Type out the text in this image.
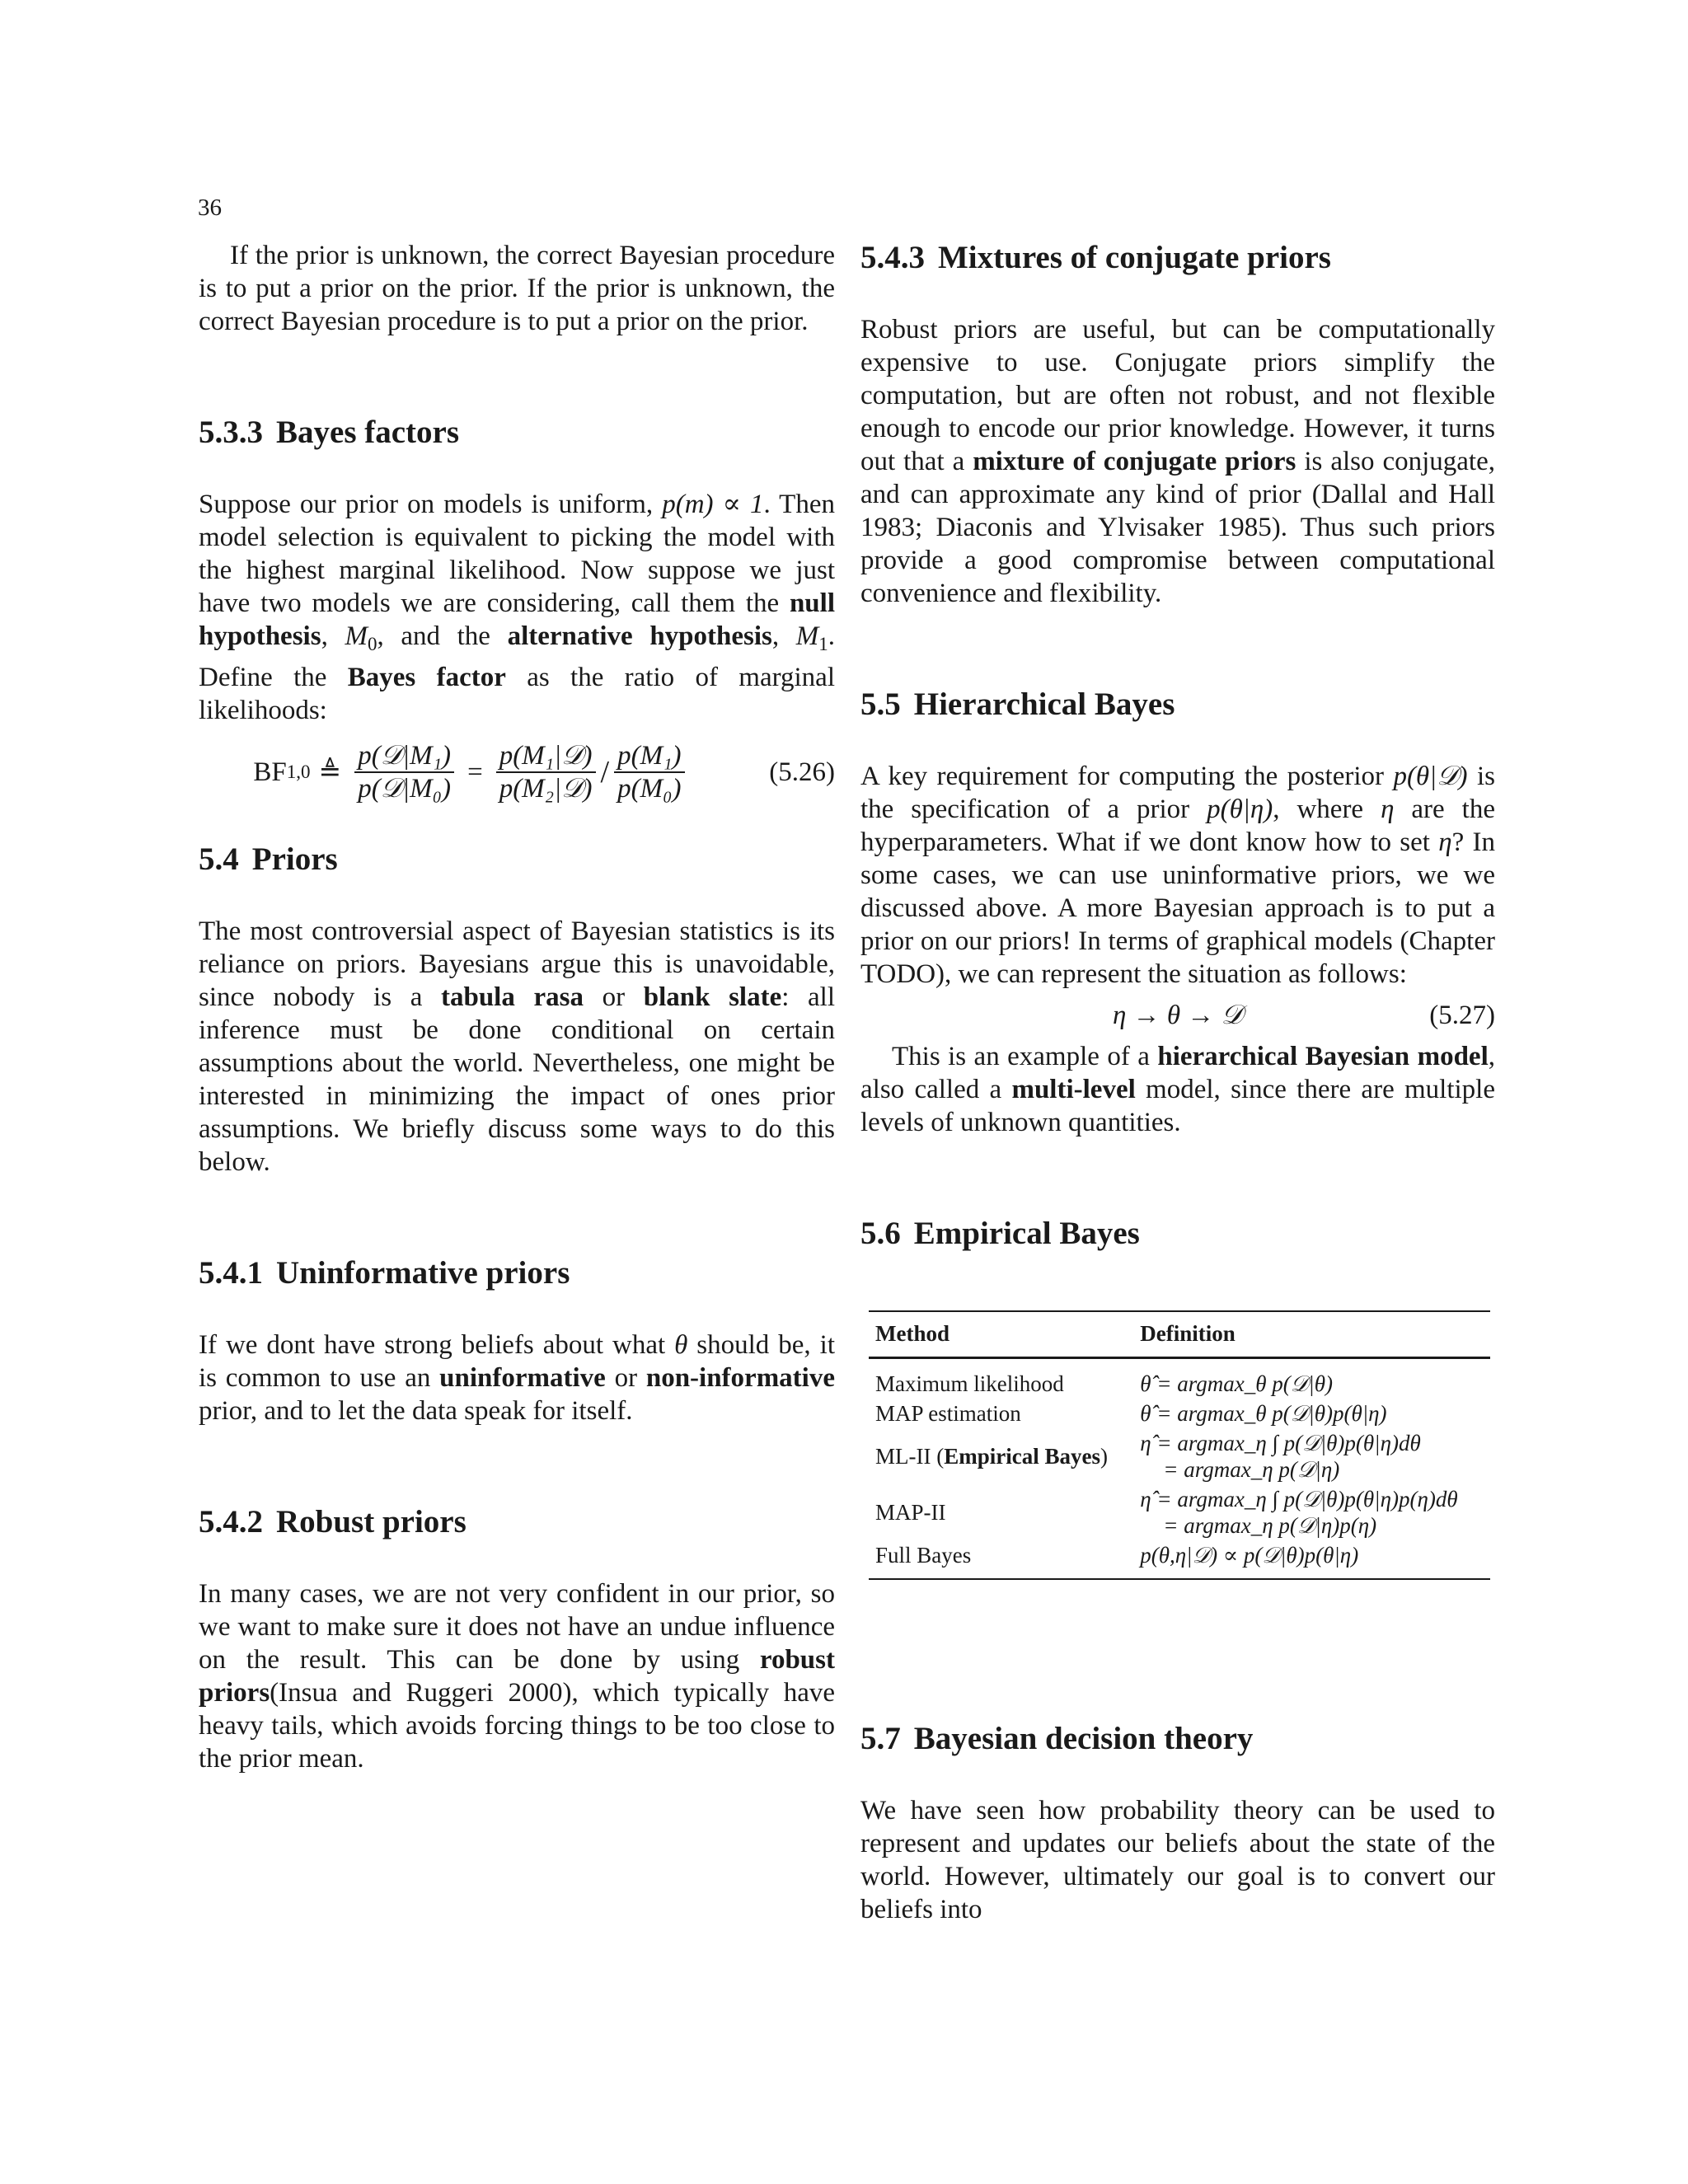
36

If the prior is unknown, the correct Bayesian procedure is to put a prior on the prior. If the prior is unknown, the correct Bayesian procedure is to put a prior on the prior.

5.3.3 Bayes factors

Suppose our prior on models is uniform, p(m) ∝ 1. Then model selection is equivalent to picking the model with the highest marginal likelihood. Now suppose we just have two models we are considering, call them the null hypothesis, $M_0$, and the alternative hypothesis, $M_1$. Define the Bayes factor as the ratio of marginal likelihoods:

BF 1,0 ≜ $\frac{\text{p(𝒟|M₁)}}{\text{p(𝒟|M₀)}} = \frac{\text{p(M₁|𝒟)}}{\text{p(M₂|𝒟)}} / \frac{\text{p(M₁)}}{\text{p(M₀)}}$	(5.26)
5.4 Priors

The most controversial aspect of Bayesian statistics is its reliance on priors. Bayesians argue this is unavoidable, since nobody is a tabula rasa or blank slate: all inference must be done conditional on certain assumptions about the world. Nevertheless, one might be interested in minimizing the impact of ones prior assumptions. We briefly discuss some ways to do this below.

5.4.1 Uninformative priors

If we dont have strong beliefs about what θ should be, it is common to use an uninformative or non-informative prior, and to let the data speak for itself.

5.4.2 Robust priors

In many cases, we are not very confident in our prior, so we want to make sure it does not have an undue influence on the result. This can be done by using robust priors(Insua and Ruggeri 2000), which typically have heavy tails, which avoids forcing things to be too close to the prior mean.

5.4.3 Mixtures of conjugate priors

Robust priors are useful, but can be computationally expensive to use. Conjugate priors simplify the computation, but are often not robust, and not flexible enough to encode our prior knowledge. However, it turns out that a mixture of conjugate priors is also conjugate, and can approximate any kind of prior (Dallal and Hall 1983; Diaconis and Ylvisaker 1985). Thus such priors provide a good compromise between computational convenience and flexibility.

5.5 Hierarchical Bayes

A key requirement for computing the posterior p(θ|𝒟) is the specification of a prior p(θ|η), where η are the hyperparameters. What if we dont know how to set η? In some cases, we can use uninformative priors, we we discussed above. A more Bayesian approach is to put a prior on our priors! In terms of graphical models (Chapter TODO), we can represent the situation as follows:

η → θ → 𝒟	(5.27)

This is an example of a hierarchical Bayesian model, also called a multi-level model, since there are multiple levels of unknown quantities.

5.6 Empirical Bayes
Method	Definition
Maximum likelihood	θ̂ = argmax_θ p(𝒟|θ)
MAP estimation	θ̂ = argmax_θ p(𝒟|θ)p(θ|η)
ML-II (Empirical Bayes)	η̂ = argmax_η ∫ p(𝒟|θ)p(θ|η)dθ
= argmax_η p(𝒟|η)

MAP-II	η̂ = argmax_η ∫ p(𝒟|θ)p(θ|η)p(η)dθ
= argmax_η p(𝒟|η)p(η)

Full Bayes	p(θ,η|𝒟) ∝ p(𝒟|θ)p(θ|η)
5.7 Bayesian decision theory

We have seen how probability theory can be used to represent and updates our beliefs about the state of the world. However, ultimately our goal is to convert our beliefs into
